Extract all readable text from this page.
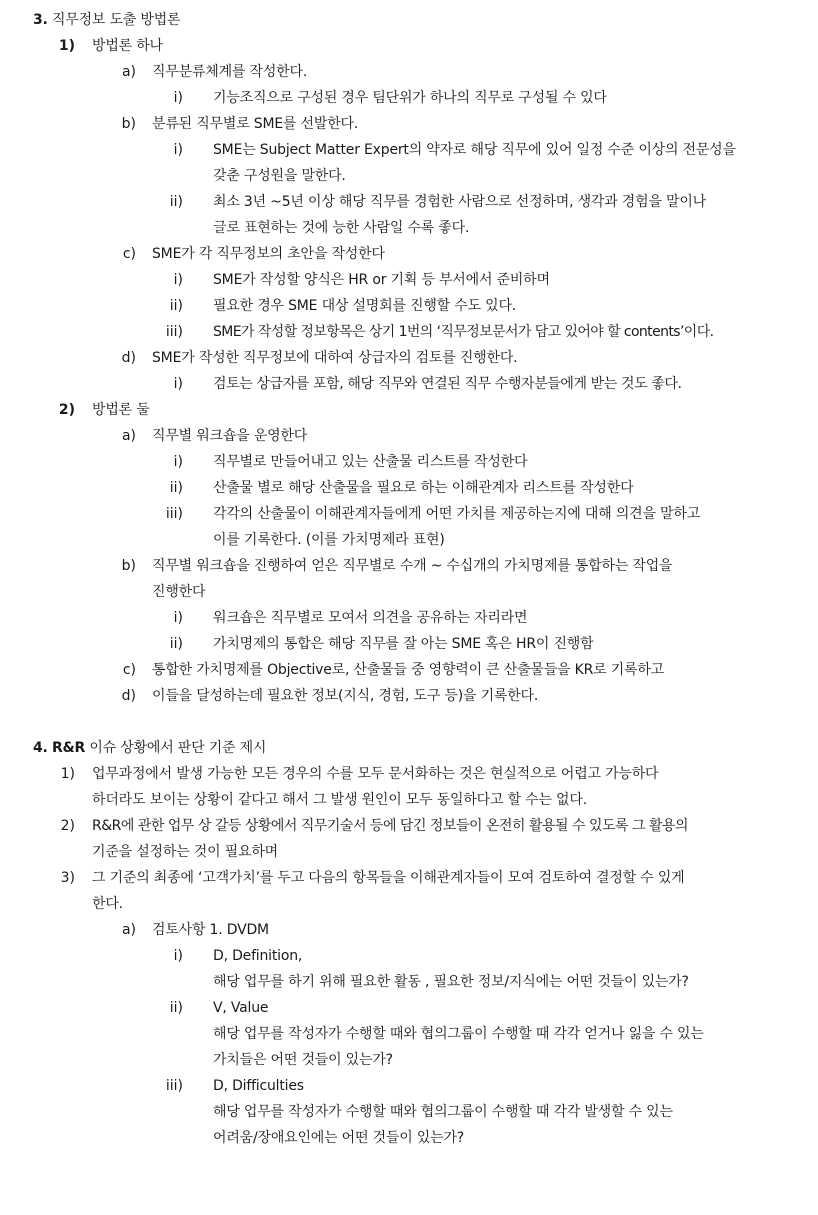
3. 직무정보 도출 방법론
1) 방법론 하나
a) 직무분류체계를 작성한다.
i) 기능조직으로 구성된 경우 팀단위가 하나의 직무로 구성될 수 있다
b) 분류된 직무별로 SME를 선발한다.
i) SME는 Subject Matter Expert의 약자로 해당 직무에 있어 일정 수준 이상의 전문성을
갖춘 구성원을 말한다.
ii) 최소 3년 ~5년 이상 해당 직무를 경험한 사람으로 선정하며, 생각과 경험을 말이나
글로 표현하는 것에 능한 사람일 수록 좋다.
c) SME가 각 직무정보의 초안을 작성한다
i) SME가 작성할 양식은 HR or 기획 등 부서에서 준비하며
ii) 필요한 경우 SME 대상 설명회를 진행할 수도 있다.
iii) SME가 작성할 정보항목은 상기 1번의 ‘직무정보문서가 담고 있어야 할 contents’이다.
d) SME가 작성한 직무정보에 대하여 상급자의 검토를 진행한다.
i) 검토는 상급자를 포함, 해당 직무와 연결된 직무 수행자분들에게 받는 것도 좋다.
2) 방법론 둘
a) 직무별 워크숍을 운영한다
i) 직무별로 만들어내고 있는 산출물 리스트를 작성한다
ii) 산출물 별로 해당 산출물을 필요로 하는 이해관계자 리스트를 작성한다
iii) 각각의 산출물이 이해관계자들에게 어떤 가치를 제공하는지에 대해 의견을 말하고
이를 기록한다. (이를 가치명제라 표현)
b) 직무별 워크숍을 진행하여 얻은 직무별로 수개 ~ 수십개의 가치명제를 통합하는 작업을
진행한다
i) 워크숍은 직무별로 모여서 의견을 공유하는 자리라면
ii) 가치명제의 통합은 해당 직무를 잘 아는 SME 혹은 HR이 진행함
c) 통합한 가치명제를 Objective로, 산출물들 중 영향력이 큰 산출물들을 KR로 기록하고
d) 이들을 달성하는데 필요한 정보(지식, 경험, 도구 등)을 기록한다.
4. R&R 이슈 상황에서 판단 기준 제시
1) 업무과정에서 발생 가능한 모든 경우의 수를 모두 문서화하는 것은 현실적으로 어렵고 가능하다
하더라도 보이는 상황이 같다고 해서 그 발생 원인이 모두 동일하다고 할 수는 없다.
2) R&R에 관한 업무 상 갈등 상황에서 직무기술서 등에 담긴 정보들이 온전히 활용될 수 있도록 그 활용의
기준을 설정하는 것이 필요하며
3) 그 기준의 최종에 ‘고객가치’를 두고 다음의 항목들을 이해관계자들이 모여 검토하여 결정할 수 있게
한다.
a) 검토사항 1. DVDM
i) D, Definition,
해당 업무를 하기 위해 필요한 활동 , 필요한 정보/지식에는 어떤 것들이 있는가?
ii) V, Value
해당 업무를 작성자가 수행할 때와 협의그룹이 수행할 때 각각 얻거나 잃을 수 있는
가치들은 어떤 것들이 있는가?
iii) D, Difficulties
해당 업무를 작성자가 수행할 때와 협의그룹이 수행할 때 각각 발생할 수 있는
어려움/장애요인에는 어떤 것들이 있는가?
